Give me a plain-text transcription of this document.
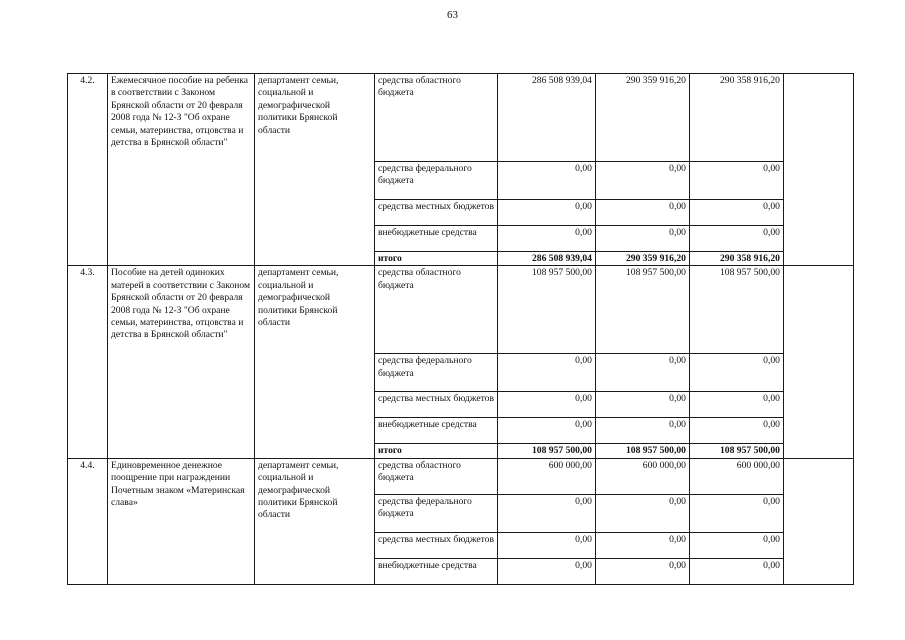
63
4.2.	Ежемесячное пособие на ребенка в соответствии с Законом Брянской области от 20 февраля 2008 года № 12-З "Об охране семьи, материнства, отцовства и детства в Брянской области"	департамент семьи, социальной и демографической политики Брянской области	средства областного бюджета	286 508 939,04	290 359 916,20	290 358 916,20	
			средства федерального бюджета	0,00	0,00	0,00	
			средства местных бюджетов	0,00	0,00	0,00	
			внебюджетные средства	0,00	0,00	0,00	
			итого	286 508 939,04	290 359 916,20	290 358 916,20	
4.3.	Пособие на детей одиноких матерей в соответствии с Законом Брянской области от 20 февраля 2008 года № 12-З "Об охране семьи, материнства, отцовства и детства в Брянской области"	департамент семьи, социальной и демографической политики Брянской области	средства областного бюджета	108 957 500,00	108 957 500,00	108 957 500,00	
			средства федерального бюджета	0,00	0,00	0,00	
			средства местных бюджетов	0,00	0,00	0,00	
			внебюджетные средства	0,00	0,00	0,00	
			итого	108 957 500,00	108 957 500,00	108 957 500,00	
4.4.	Единовременное денежное поощрение при награждении Почетным знаком «Материнская слава»	департамент семьи, социальной и демографической политики Брянской области	средства областного бюджета	600 000,00	600 000,00	600 000,00	
			средства федерального бюджета	0,00	0,00	0,00	
			средства местных бюджетов	0,00	0,00	0,00	
			внебюджетные средства	0,00	0,00	0,00	
